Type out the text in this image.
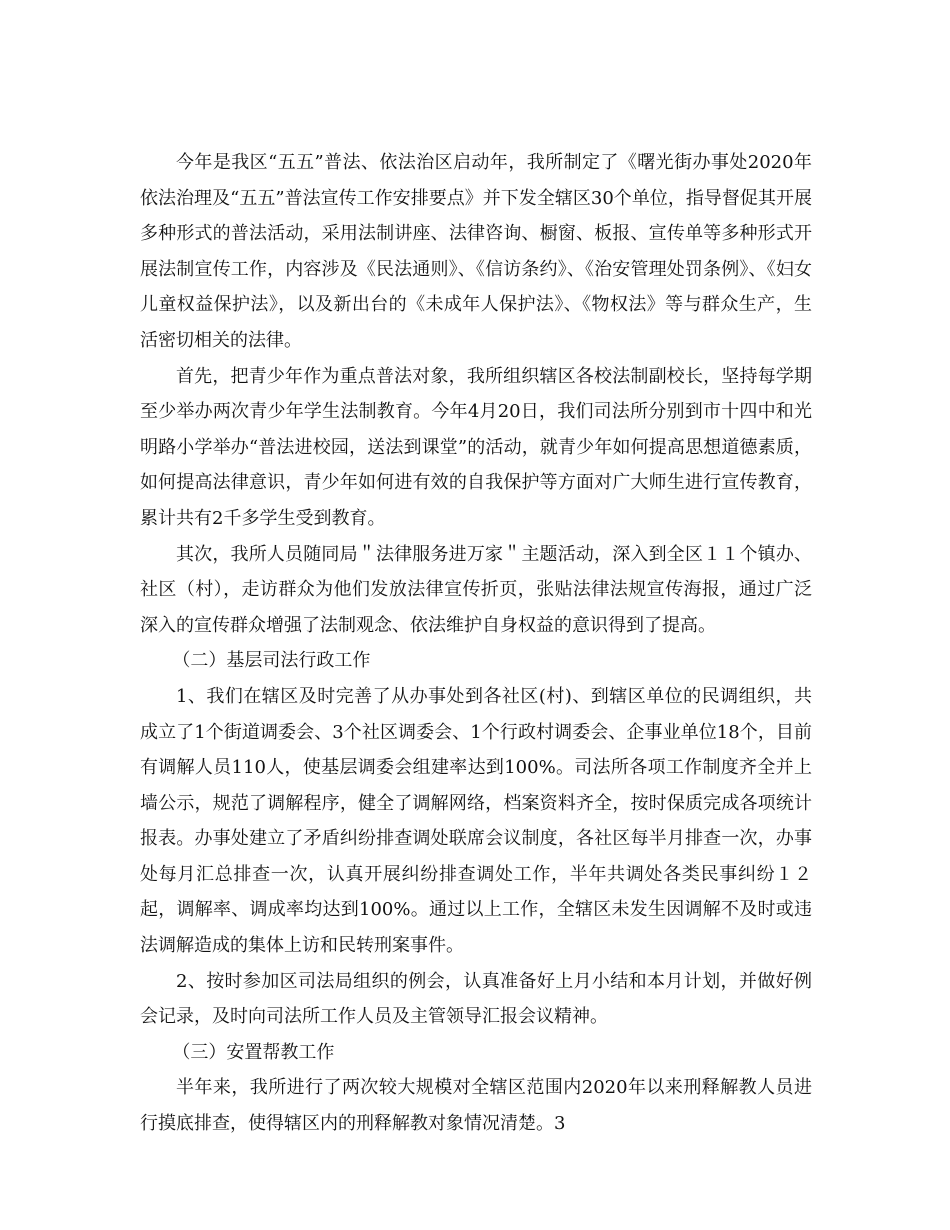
今年是我区“五五”普法、依法治区启动年，我所制定了《曙光街办事处2020年依法治理及“五五”普法宣传工作安排要点》并下发全辖区30个单位，指导督促其开展多种形式的普法活动，采用法制讲座、法律咨询、橱窗、板报、宣传单等多种形式开展法制宣传工作，内容涉及《民法通则》、《信访条约》、《治安管理处罚条例》、《妇女儿童权益保护法》，以及新出台的《未成年人保护法》、《物权法》等与群众生产，生活密切相关的法律。

首先，把青少年作为重点普法对象，我所组织辖区各校法制副校长，坚持每学期至少举办两次青少年学生法制教育。今年4月20日，我们司法所分别到市十四中和光明路小学举办“普法进校园，送法到课堂”的活动，就青少年如何提高思想道德素质，如何提高法律意识，青少年如何进有效的自我保护等方面对广大师生进行宣传教育，累计共有2千多学生受到教育。

其次，我所人员随同局＂法律服务进万家＂主题活动，深入到全区１１个镇办、社区（村），走访群众为他们发放法律宣传折页，张贴法律法规宣传海报，通过广泛深入的宣传群众增强了法制观念、依法维护自身权益的意识得到了提高。

（二）基层司法行政工作

1、我们在辖区及时完善了从办事处到各社区(村)、到辖区单位的民调组织，共成立了1个街道调委会、3个社区调委会、1个行政村调委会、企事业单位18个，目前有调解人员110人，使基层调委会组建率达到100%。司法所各项工作制度齐全并上墙公示，规范了调解程序，健全了调解网络，档案资料齐全，按时保质完成各项统计报表。办事处建立了矛盾纠纷排查调处联席会议制度，各社区每半月排查一次，办事处每月汇总排查一次，认真开展纠纷排查调处工作，半年共调处各类民事纠纷１２起，调解率、调成率均达到100%。通过以上工作，全辖区未发生因调解不及时或违法调解造成的集体上访和民转刑案事件。

2、按时参加区司法局组织的例会，认真准备好上月小结和本月计划，并做好例会记录，及时向司法所工作人员及主管领导汇报会议精神。

（三）安置帮教工作

半年来，我所进行了两次较大规模对全辖区范围内2020年以来刑释解教人员进行摸底排查，使得辖区内的刑释解教对象情况清楚。3
